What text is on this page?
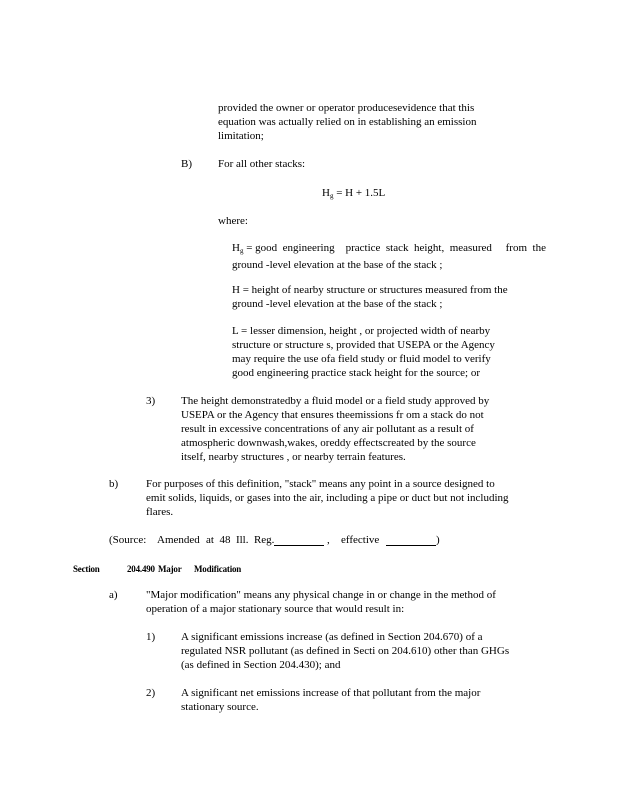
provided the owner or operator producesevidence that this
equation was actually relied on in establishing an emission
limitation;
B) For all other stacks:
$H_g = H + 1.5L$
where:
$H_g$ = good  engineering    practice  stack  height,  measured     from  the
ground -level elevation at the base of the stack ;
H = height of nearby structure or structures measured from the
ground -level elevation at the base of the stack ;
L = lesser dimension, height , or projected width of nearby
structure or structure s, provided that USEPA or the Agency
may require the use ofa field study or fluid model to verify
good engineering practice stack height for the source; or
3) The height demonstratedby a fluid model or a field study approved by
USEPA or the Agency that ensures theemissions fr om a stack do not
result in excessive concentrations of any air pollutant as a result of
atmospheric downwash,wakes, oreddy effectscreated by the source
itself, nearby structures , or nearby terrain features.
b)	For purposes of this definition, "stack" means any point in a source designed to
emit solids, liquids, or gases into the air, including a pipe or duct but not including
flares.
(Source: Amended at  48  Ill.  Reg.	, effective	)
Section	204.490 Major Modification
a)	"Major modification" means any physical change in or change in the method of
operation of a major stationary source that would result in:
1) A significant emissions increase (as defined in Section 204.670) of a
regulated NSR pollutant (as defined in Secti on 204.610) other than GHGs
(as defined in Section 204.430); and
2) A significant net emissions increase of that pollutant from the major
stationary source.
